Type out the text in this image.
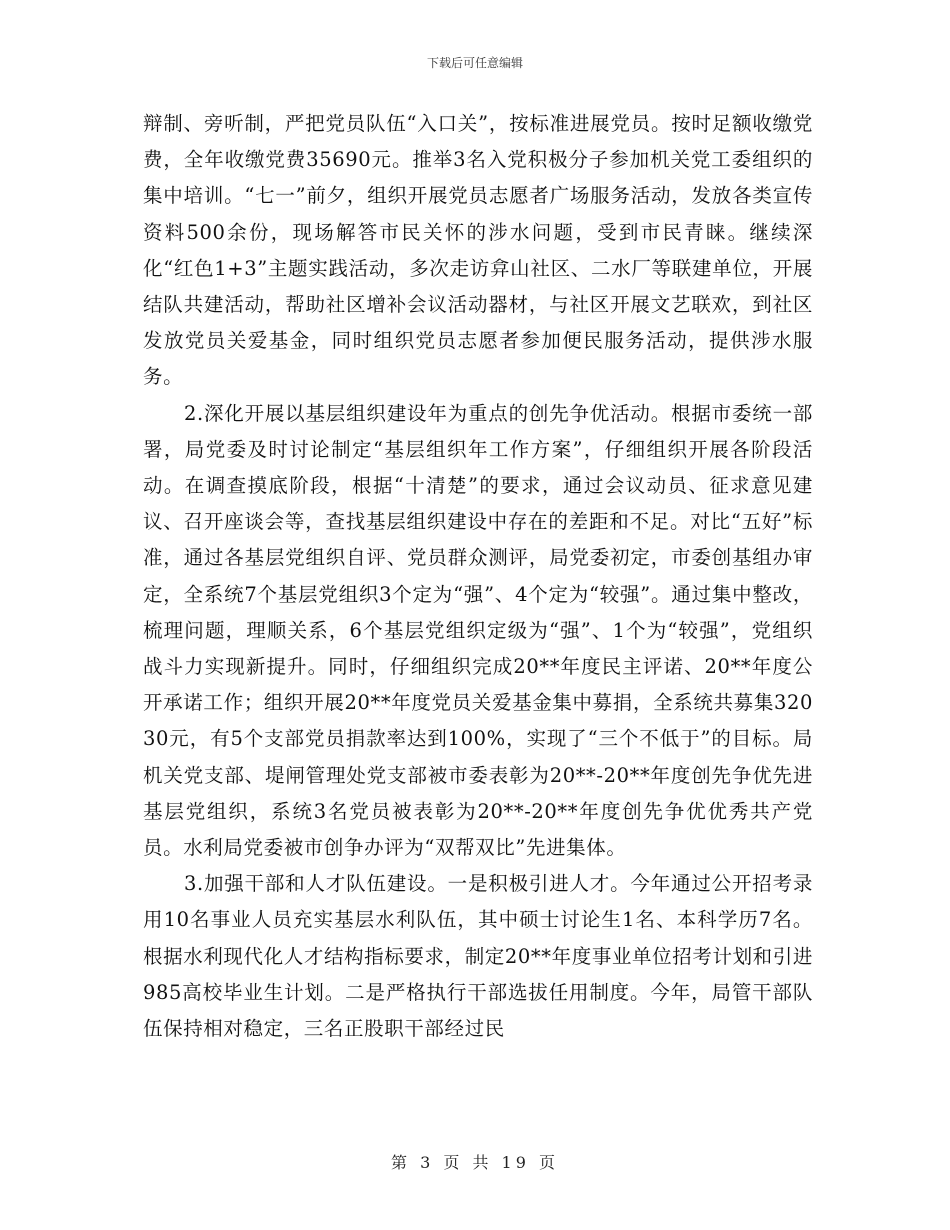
下载后可任意编辑

辩制、旁听制，严把党员队伍“入口关”，按标准进展党员。按时足额收缴党费，全年收缴党费35690元。推举3名入党积极分子参加机关党工委组织的集中培训。“七一”前夕，组织开展党员志愿者广场服务活动，发放各类宣传资料500余份，现场解答市民关怀的涉水问题，受到市民青睐。继续深化“红色1+3”主题实践活动，多次走访弇山社区、二水厂等联建单位，开展结队共建活动，帮助社区增补会议活动器材，与社区开展文艺联欢，到社区发放党员关爱基金，同时组织党员志愿者参加便民服务活动，提供涉水服务。

2.深化开展以基层组织建设年为重点的创先争优活动。根据市委统一部署，局党委及时讨论制定“基层组织年工作方案”，仔细组织开展各阶段活动。在调查摸底阶段，根据“十清楚”的要求，通过会议动员、征求意见建议、召开座谈会等，查找基层组织建设中存在的差距和不足。对比“五好”标准，通过各基层党组织自评、党员群众测评，局党委初定，市委创基组办审定，全系统7个基层党组织3个定为“强”、4个定为“较强”。通过集中整改，梳理问题，理顺关系，6个基层党组织定级为“强”、1个为“较强”，党组织战斗力实现新提升。同时，仔细组织完成20**年度民主评诺、20**年度公开承诺工作；组织开展20**年度党员关爱基金集中募捐，全系统共募集32030元，有5个支部党员捐款率达到100%，实现了“三个不低于”的目标。局机关党支部、堤闸管理处党支部被市委表彰为20**-20**年度创先争优先进基层党组织，系统3名党员被表彰为20**-20**年度创先争优优秀共产党员。水利局党委被市创争办评为“双帮双比”先进集体。

3.加强干部和人才队伍建设。一是积极引进人才。今年通过公开招考录用10名事业人员充实基层水利队伍，其中硕士讨论生1名、本科学历7名。根据水利现代化人才结构指标要求，制定20**年度事业单位招考计划和引进985高校毕业生计划。二是严格执行干部选拔任用制度。今年，局管干部队伍保持相对稳定，三名正股职干部经过民

第 3 页 共 19 页
